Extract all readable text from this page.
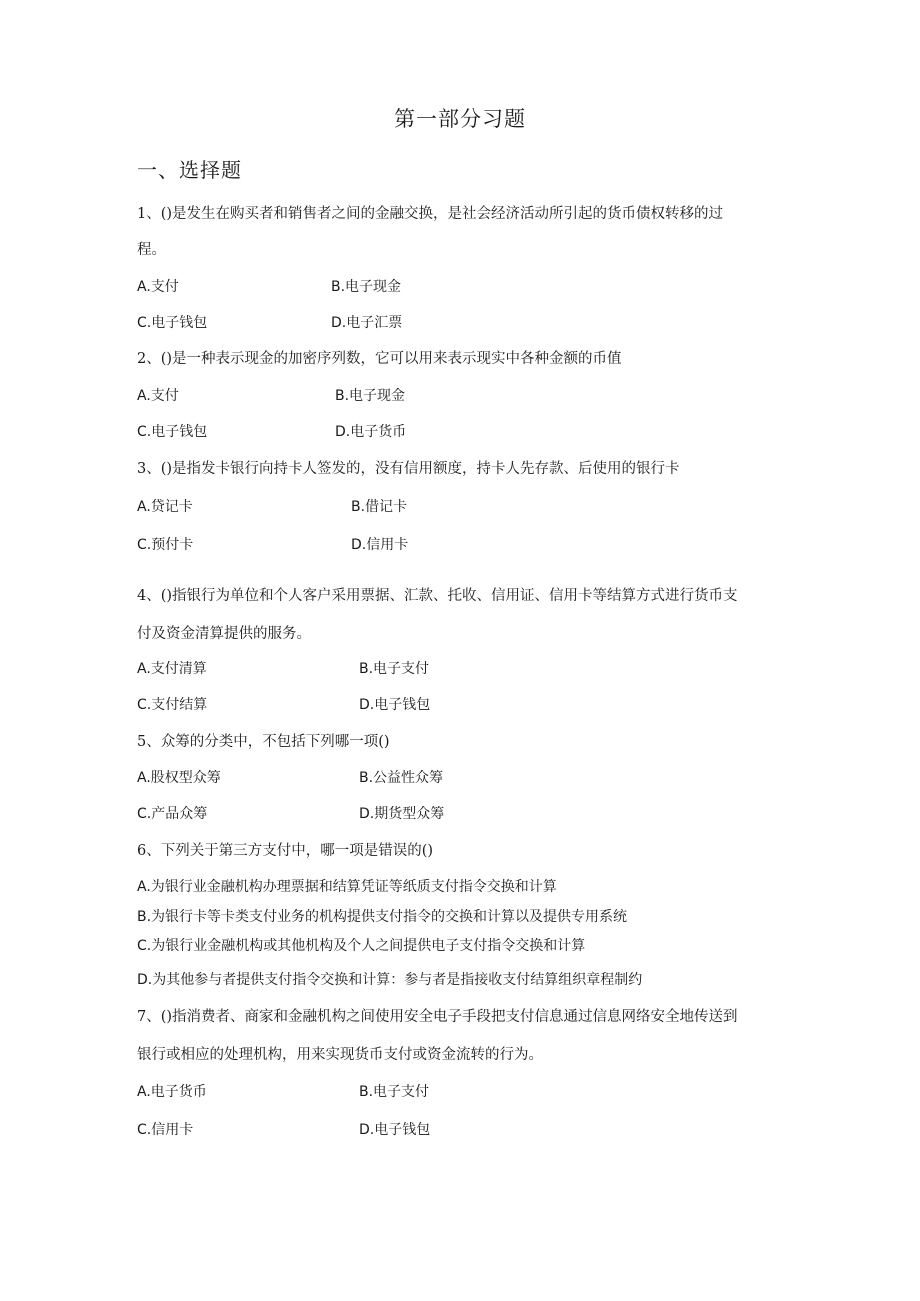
第一部分习题
一、选择题
1、()是发生在购买者和销售者之间的金融交换，是社会经济活动所引起的货币债权转移的过
程。
A.支付	B.电子现金
C.电子钱包	D.电子汇票
2、()是一种表示现金的加密序列数，它可以用来表示现实中各种金额的币值
A.支付	B.电子现金
C.电子钱包	D.电子货币
3、()是指发卡银行向持卡人签发的，没有信用额度，持卡人先存款、后使用的银行卡
A.贷记卡	B.借记卡
C.预付卡	D.信用卡
4、()指银行为单位和个人客户采用票据、汇款、托收、信用证、信用卡等结算方式进行货币支
付及资金清算提供的服务。
A.支付清算	B.电子支付
C.支付结算	D.电子钱包
5、众筹的分类中，不包括下列哪一项()
A.股权型众筹	B.公益性众筹
C.产品众筹	D.期货型众筹
6、下列关于第三方支付中，哪一项是错误的()
A.为银行业金融机构办理票据和结算凭证等纸质支付指令交换和计算
B.为银行卡等卡类支付业务的机构提供支付指令的交换和计算以及提供专用系统
C.为银行业金融机构或其他机构及个人之间提供电子支付指令交换和计算
D.为其他参与者提供支付指令交换和计算：参与者是指接收支付结算组织章程制约
7、()指消费者、商家和金融机构之间使用安全电子手段把支付信息通过信息网络安全地传送到
银行或相应的处理机构，用来实现货币支付或资金流转的行为。
A.电子货币	B.电子支付
C.信用卡	D.电子钱包
